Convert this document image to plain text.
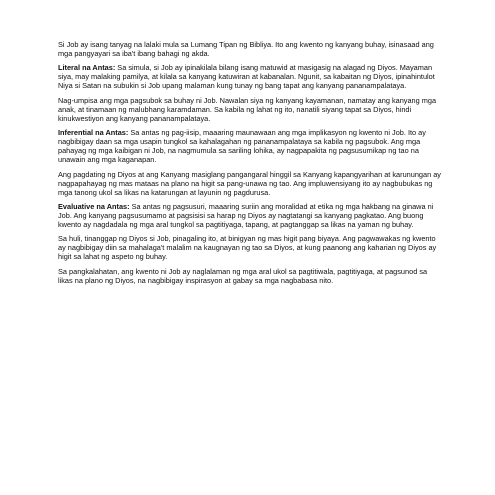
Si Job ay isang tanyag na lalaki mula sa Lumang Tipan ng Bibliya. Ito ang kwento ng kanyang buhay, isinasaad ang mga pangyayari sa iba't ibang bahagi ng akda.

Literal na Antas: Sa simula, si Job ay ipinakilala bilang isang matuwid at masigasig na alagad ng Diyos. Mayaman siya, may malaking pamilya, at kilala sa kanyang katuwiran at kabanalan. Ngunit, sa kabaitan ng Diyos, ipinahintulot Niya si Satan na subukin si Job upang malaman kung tunay ng bang tapat ang kanyang pananampalataya.

Nag-umpisa ang mga pagsubok sa buhay ni Job. Nawalan siya ng kanyang kayamanan, namatay ang kanyang mga anak, at tinamaan ng malubhang karamdaman. Sa kabila ng lahat ng ito, nanatili siyang tapat sa Diyos, hindi kinukwestiyon ang kanyang pananampalataya.

Inferential na Antas: Sa antas ng pag-iisip, maaaring maunawaan ang mga implikasyon ng kwento ni Job. Ito ay nagbibigay daan sa mga usapin tungkol sa kahalagahan ng pananampalataya sa kabila ng pagsubok. Ang mga pahayag ng mga kaibigan ni Job, na nagmumula sa sariling lohika, ay nagpapakita ng pagsusumikap ng tao na unawain ang mga kaganapan.

Ang pagdating ng Diyos at ang Kanyang masiglang pangangaral hinggil sa Kanyang kapangyarihan at karunungan ay nagpapahayag ng mas mataas na plano na higit sa pang-unawa ng tao. Ang impluwensiyang ito ay nagbubukas ng mga tanong ukol sa likas na katarungan at layunin ng pagdurusa.

Evaluative na Antas: Sa antas ng pagsusuri, maaaring suriin ang moralidad at etika ng mga hakbang na ginawa ni Job. Ang kanyang pagsusumamo at pagsisisi sa harap ng Diyos ay nagtatangi sa kanyang pagkatao. Ang buong kwento ay nagdadala ng mga aral tungkol sa pagtitiyaga, tapang, at pagtanggap sa likas na yaman ng buhay.

Sa huli, tinanggap ng Diyos si Job, pinagaling ito, at binigyan ng mas higit pang biyaya. Ang pagwawakas ng kwento ay nagbibigay diin sa mahalaga't malalim na kaugnayan ng tao sa Diyos, at kung paanong ang kaharian ng Diyos ay higit sa lahat ng aspeto ng buhay.

Sa pangkalahatan, ang kwento ni Job ay naglalaman ng mga aral ukol sa pagtitiwala, pagtitiyaga, at pagsunod sa likas na plano ng Diyos, na nagbibigay inspirasyon at gabay sa mga nagbabasa nito.
